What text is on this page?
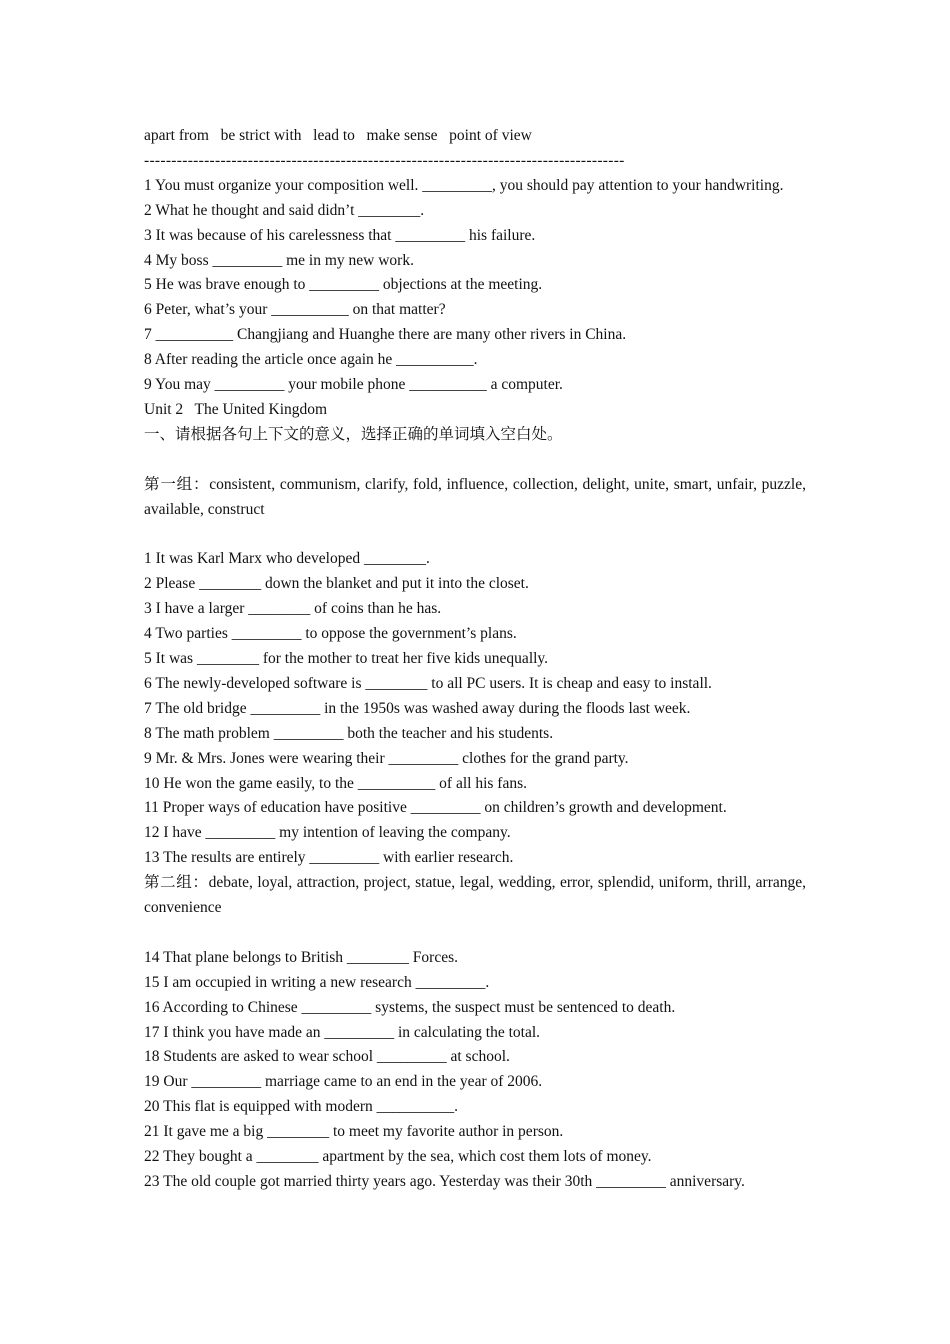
apart from   be strict with   lead to   make sense   point of view

----------------------------------------------------------------------------------------

1 You must organize your composition well. _________, you should pay attention to your handwriting.

2 What he thought and said didn’t ________.

3 It was because of his carelessness that _________ his failure.

4 My boss _________ me in my new work.

5 He was brave enough to _________ objections at the meeting.

6 Peter, what’s your __________ on that matter?

7 __________ Changjiang and Huanghe there are many other rivers in China.

8 After reading the article once again he __________.

9 You may _________ your mobile phone __________ a computer.

Unit 2   The United Kingdom

一、请根据各句上下文的意义，选择正确的单词填入空白处。

第一组：consistent, communism, clarify, fold, influence, collection, delight, unite, smart, unfair, puzzle, available, construct

1 It was Karl Marx who developed ________.

2 Please ________ down the blanket and put it into the closet.

3 I have a larger ________ of coins than he has.

4 Two parties _________ to oppose the government’s plans.

5 It was ________ for the mother to treat her five kids unequally.

6 The newly-developed software is ________ to all PC users. It is cheap and easy to install.

7 The old bridge _________ in the 1950s was washed away during the floods last week.

8 The math problem _________ both the teacher and his students.

9 Mr. & Mrs. Jones were wearing their _________ clothes for the grand party.

10 He won the game easily, to the __________ of all his fans.

11 Proper ways of education have positive _________ on children’s growth and development.

12 I have _________ my intention of leaving the company.

13 The results are entirely _________ with earlier research.

第二组：debate, loyal, attraction, project, statue, legal, wedding, error, splendid, uniform, thrill, arrange, convenience

14 That plane belongs to British ________ Forces.

15 I am occupied in writing a new research _________.

16 According to Chinese _________ systems, the suspect must be sentenced to death.

17 I think you have made an _________ in calculating the total.

18 Students are asked to wear school _________ at school.

19 Our _________ marriage came to an end in the year of 2006.

20 This flat is equipped with modern __________.

21 It gave me a big ________ to meet my favorite author in person.

22 They bought a ________ apartment by the sea, which cost them lots of money.

23 The old couple got married thirty years ago. Yesterday was their 30th _________ anniversary.
